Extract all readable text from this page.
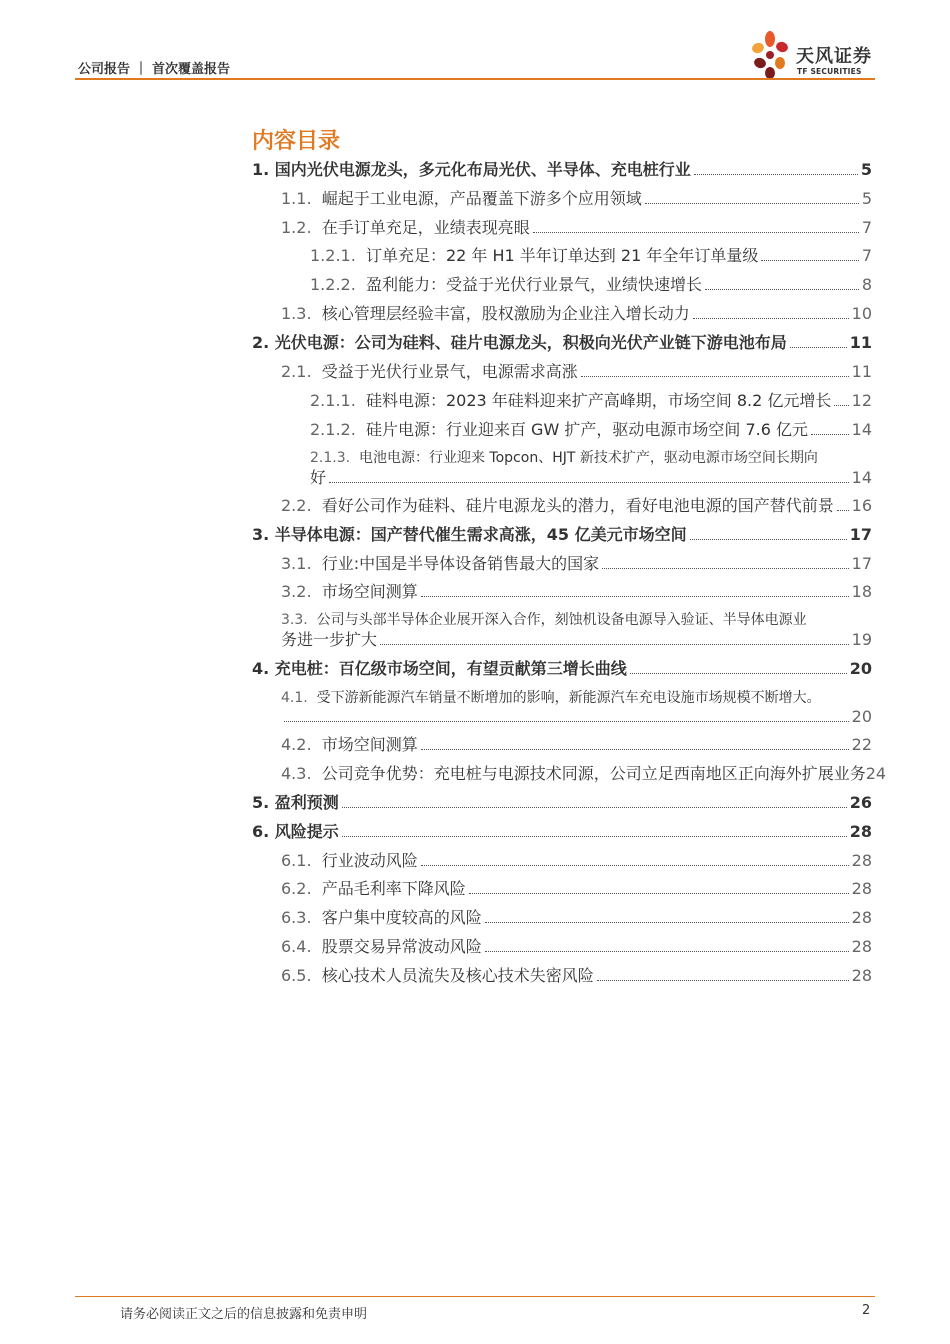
公司报告 ｜ 首次覆盖报告
天风证券
TF SECURITIES
内容目录
1.
国内光伏电源龙头，多元化布局光伏、半导体、充电桩行业	5
1.1.
崛起于工业电源，产品覆盖下游多个应用领域	5
1.2.
在手订单充足，业绩表现亮眼	7
1.2.1.
订单充足：22 年 H1 半年订单达到 21 年全年订单量级	7
1.2.2.
盈利能力：受益于光伏行业景气，业绩快速增长	8
1.3.
核心管理层经验丰富，股权激励为企业注入增长动力	10
2.
光伏电源：公司为硅料、硅片电源龙头，积极向光伏产业链下游电池布局	11
2.1.
受益于光伏行业景气，电源需求高涨	11
2.1.1.
硅料电源：2023 年硅料迎来扩产高峰期，市场空间 8.2 亿元增长 12
2.1.2.
硅片电源：行业迎来百 GW 扩产，驱动电源市场空间 7.6 亿元	14
2.1.3. 电池电源：行业迎来 Topcon、HJT 新技术扩产，驱动电源市场空间长期向
好	14
2.2.
看好公司作为硅料、硅片电源龙头的潜力，看好电池电源的国产替代前景 16
3.
半导体电源：国产替代催生需求高涨，45 亿美元市场空间	17
3.1.
行业:中国是半导体设备销售最大的国家	17
3.2.
市场空间测算	18
3.3. 公司与头部半导体企业展开深入合作，刻蚀机设备电源导入验证、半导体电源业
务进一步扩大	19
4.
充电桩：百亿级市场空间，有望贡献第三增长曲线	20
4.1. 受下游新能源汽车销量不断增加的影响，新能源汽车充电设施市场规模不断增大。
20
4.2.
市场空间测算	22
4.3.
公司竞争优势：充电桩与电源技术同源，公司立足西南地区正向海外扩展业务 24
5.
盈利预测	26
6.
风险提示	28
6.1.
行业波动风险	28
6.2.
产品毛利率下降风险	28
6.3.
客户集中度较高的风险	28
6.4.
股票交易异常波动风险	28
6.5.
核心技术人员流失及核心技术失密风险	28
请务必阅读正文之后的信息披露和免责申明	2
